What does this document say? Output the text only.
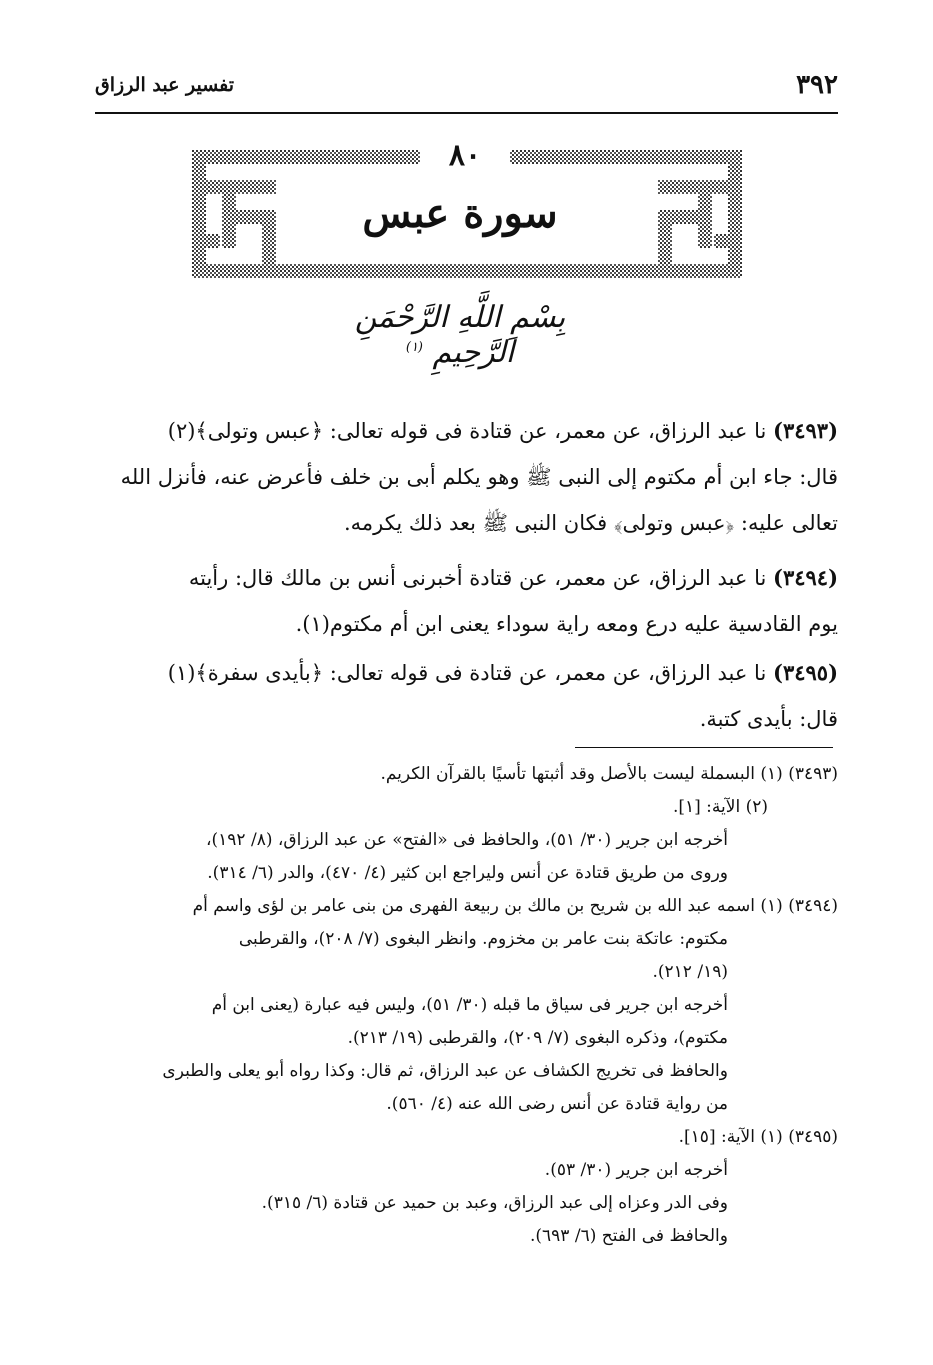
٣٩٢
تفسير عبد الرزاق
٨٠
سورة عبس
بِسْمِ اللَّهِ الرَّحْمَنِ الرَّحِيمِ $^{(١)}$
(٣٤٩٣) نا عبد الرزاق، عن معمر، عن قتادة فى قوله تعالى: ﴿عبس وتولى﴾(٢)
قال: جاء ابن أم مكتوم إلى النبى ﷺ وهو يكلم أبى بن خلف فأعرض عنه، فأنزل الله
تعالى عليه: ﴿عبس وتولى﴾ فكان النبى ﷺ بعد ذلك يكرمه.
(٣٤٩٤) نا عبد الرزاق، عن معمر، عن قتادة أخبرنى أنس بن مالك قال: رأيته
يوم القادسية عليه درع ومعه راية سوداء يعنى ابن أم مكتوم(١).
(٣٤٩٥) نا عبد الرزاق، عن معمر، عن قتادة فى قوله تعالى: ﴿بأيدى سفرة﴾(١)
قال: بأيدى كتبة.
(٣٤٩٣) (١) البسملة ليست بالأصل وقد أثبتها تأسيًا بالقرآن الكريم.
(٢) الآية: [١].
أخرجه ابن جرير (٣٠/ ٥١)، والحافظ فى «الفتح» عن عبد الرزاق، (٨/ ١٩٢)،
وروى من طريق قتادة عن أنس وليراجع ابن كثير (٤/ ٤٧٠)، والدر (٦/ ٣١٤).
(٣٤٩٤) (١) اسمه عبد الله بن شريح بن مالك بن ربيعة الفهرى من بنى عامر بن لؤى واسم أم
مكتوم: عاتكة بنت عامر بن مخزوم. وانظر البغوى (٧/ ٢٠٨)، والقرطبى
(١٩/ ٢١٢).
أخرجه ابن جرير فى سياق ما قبله (٣٠/ ٥١)، وليس فيه عبارة (يعنى ابن أم
مكتوم)، وذكره البغوى (٧/ ٢٠٩)، والقرطبى (١٩/ ٢١٣).
والحافظ فى تخريج الكشاف عن عبد الرزاق، ثم قال: وكذا رواه أبو يعلى والطبرى
من رواية قتادة عن أنس رضى الله عنه (٤/ ٥٦٠).
(٣٤٩٥) (١) الآية: [١٥].
أخرجه ابن جرير (٣٠/ ٥٣).
وفى الدر وعزاه إلى عبد الرزاق، وعبد بن حميد عن قتادة (٦/ ٣١٥).
والحافظ فى الفتح (٦/ ٦٩٣).
